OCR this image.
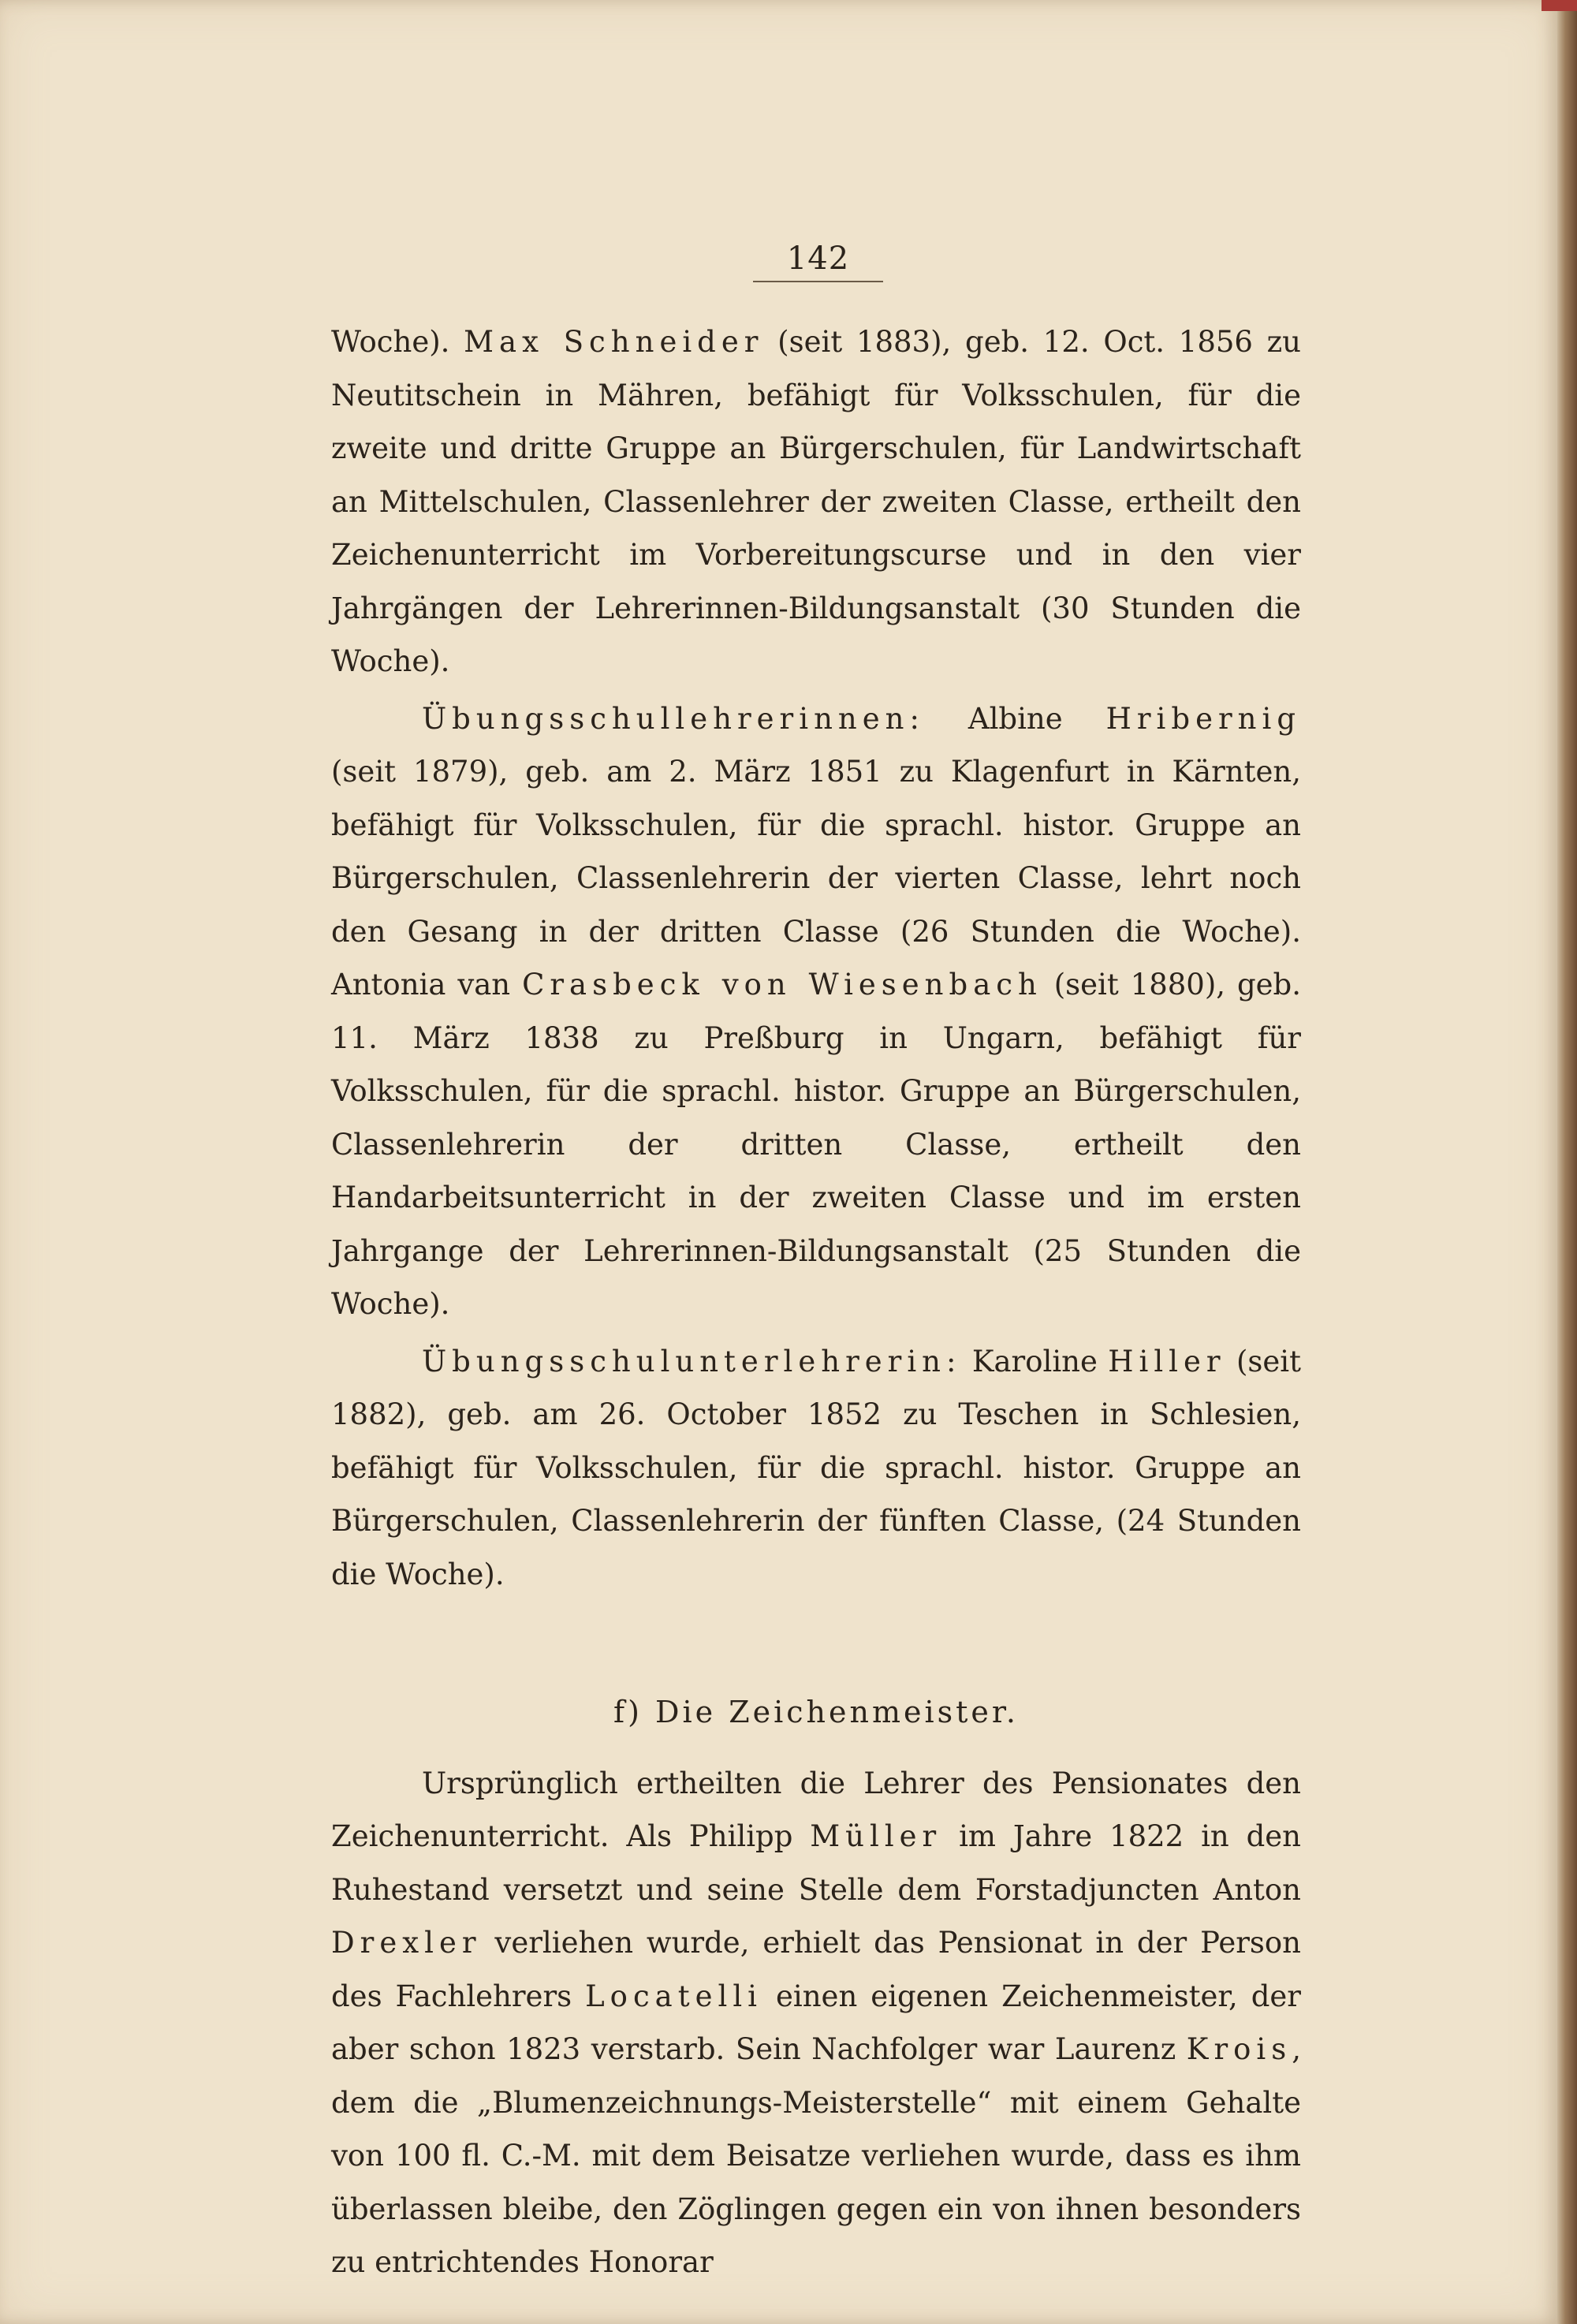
142

Woche). Max Schneider (seit 1883), geb. 12. Oct. 1856 zu Neutitschein in Mähren, befähigt für Volksschulen, für die zweite und dritte Gruppe an Bürgerschulen, für Landwirtschaft an Mittelschulen, Classenlehrer der zweiten Classe, ertheilt den Zeichenunterricht im Vorbereitungscurse und in den vier Jahrgängen der Lehrerinnen-Bildungsanstalt (30 Stunden die Woche).

Übungsschullehrerinnen: Albine Hribernig (seit 1879), geb. am 2. März 1851 zu Klagenfurt in Kärnten, befähigt für Volksschulen, für die sprachl. histor. Gruppe an Bürgerschulen, Classenlehrerin der vierten Classe, lehrt noch den Gesang in der dritten Classe (26 Stunden die Woche). Antonia van Crasbeck von Wiesenbach (seit 1880), geb. 11. März 1838 zu Preßburg in Ungarn, befähigt für Volksschulen, für die sprachl. histor. Gruppe an Bürgerschulen, Classenlehrerin der dritten Classe, ertheilt den Handarbeitsunterricht in der zweiten Classe und im ersten Jahrgange der Lehrerinnen-Bildungsanstalt (25 Stunden die Woche).

Übungsschulunterlehrerin: Karoline Hiller (seit 1882), geb. am 26. October 1852 zu Teschen in Schlesien, befähigt für Volksschulen, für die sprachl. histor. Gruppe an Bürgerschulen, Classenlehrerin der fünften Classe, (24 Stunden die Woche).

f) Die Zeichenmeister.

Ursprünglich ertheilten die Lehrer des Pensionates den Zeichenunterricht. Als Philipp Müller im Jahre 1822 in den Ruhestand versetzt und seine Stelle dem Forstadjuncten Anton Drexler verliehen wurde, erhielt das Pensionat in der Person des Fachlehrers Locatelli einen eigenen Zeichenmeister, der aber schon 1823 verstarb. Sein Nachfolger war Laurenz Krois, dem die „Blumenzeichnungs-Meisterstelle“ mit einem Gehalte von 100 fl. C.-M. mit dem Beisatze verliehen wurde, dass es ihm überlassen bleibe, den Zöglingen gegen ein von ihnen besonders zu entrichtendes Honorar
